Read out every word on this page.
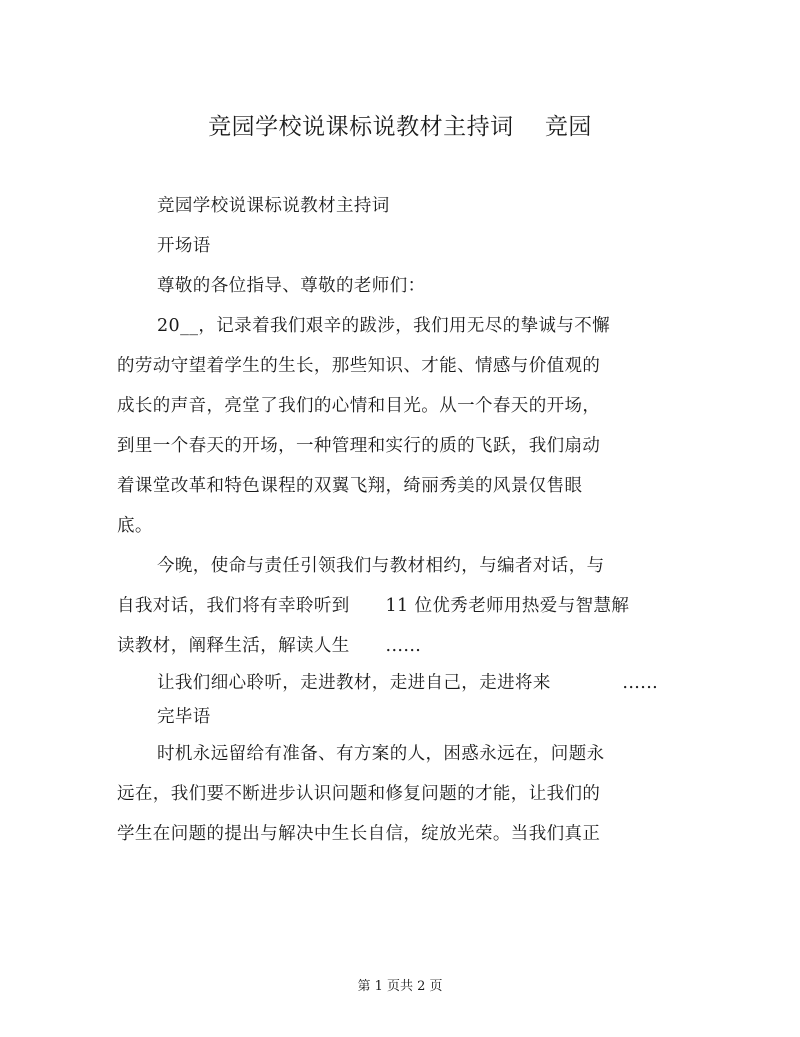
竞园学校说课标说教材主持词    竞园
竞园学校说课标说教材主持词
开场语
尊敬的各位指导、尊敬的老师们：
20__，记录着我们艰辛的跋涉，我们用无尽的挚诚与不懈
的劳动守望着学生的生长，那些知识、才能、情感与价值观的
成长的声音，亮堂了我们的心情和目光。从一个春天的开场，
到里一个春天的开场，一种管理和实行的质的飞跃，我们扇动
着课堂改革和特色课程的双翼飞翔，绮丽秀美的风景仅售眼
底。
今晚，使命与责任引领我们与教材相约，与编者对话，与
自我对话，我们将有幸聆听到      11 位优秀老师用热爱与智慧解
读教材，阐释生活，解读人生      ......
让我们细心聆听，走进教材，走进自己，走进将来            ......
完毕语
时机永远留给有准备、有方案的人，困惑永远在，问题永
远在，我们要不断进步认识问题和修复问题的才能，让我们的
学生在问题的提出与解决中生长自信，绽放光荣。当我们真正
第 1 页共 2 页
